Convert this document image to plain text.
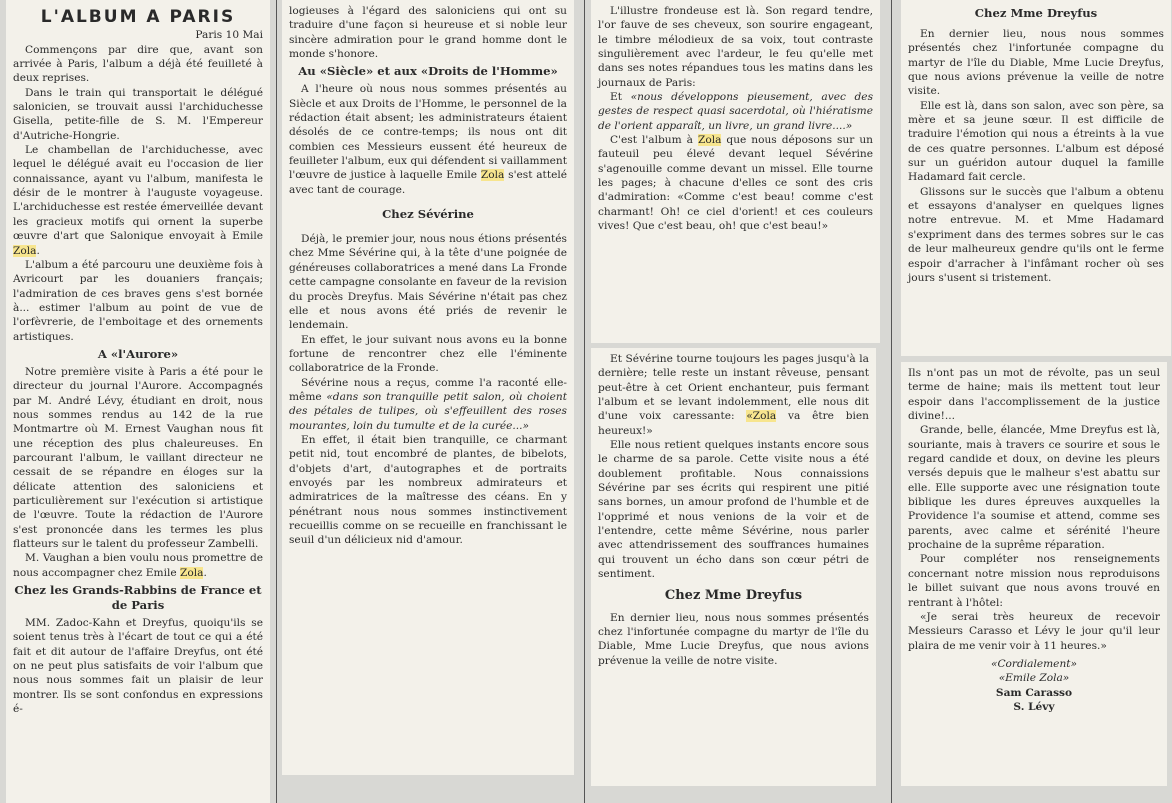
L'ALBUM A PARIS

Paris 10 Mai

Commençons par dire que, avant son arrivée à Paris, l'album a déjà été feuilleté à deux reprises.

Dans le train qui transportait le délégué salonicien, se trouvait aussi l'archiduchesse Gisella, petite-fille de S. M. l'Empereur d'Autriche-Hongrie.

Le chambellan de l'archiduchesse, avec lequel le délégué avait eu l'occasion de lier connaissance, ayant vu l'album, manifesta le désir de le montrer à l'auguste voyageuse. L'archiduchesse est restée émerveillée devant les gracieux motifs qui ornent la superbe œuvre d'art que Salonique envoyait à Emile Zola.

L'album a été parcouru une deuxième fois à Avricourt par les douaniers français; l'admiration de ces braves gens s'est bornée à... estimer l'album au point de vue de l'orfèvrerie, de l'emboitage et des ornements artistiques.

A «l'Aurore»

Notre première visite à Paris a été pour le directeur du journal l'Aurore. Accompagnés par M. André Lévy, étudiant en droit, nous nous sommes rendus au 142 de la rue Montmartre où M. Ernest Vaughan nous fit une réception des plus chaleureuses. En parcourant l'album, le vaillant directeur ne cessait de se répandre en éloges sur la délicate attention des saloniciens et particulièrement sur l'exécution si artistique de l'œuvre. Toute la rédaction de l'Aurore s'est prononcée dans les termes les plus flatteurs sur le talent du professeur Zambelli.

M. Vaughan a bien voulu nous promettre de nous accompagner chez Emile Zola.

Chez les Grands-Rabbins de France et de Paris

MM. Zadoc-Kahn et Dreyfus, quoiqu'ils se soient tenus très à l'écart de tout ce qui a été fait et dit autour de l'affaire Dreyfus, ont été on ne peut plus satisfaits de voir l'album que nous nous sommes fait un plaisir de leur montrer. Ils se sont confondus en expressions é-

logieuses à l'égard des saloniciens qui ont su traduire d'une façon si heureuse et si noble leur sincère admiration pour le grand homme dont le monde s'honore.

Au «Siècle» et aux «Droits de l'Homme»

A l'heure où nous nous sommes présentés au Siècle et aux Droits de l'Homme, le personnel de la rédaction était absent; les administrateurs étaient désolés de ce contre-temps; ils nous ont dit combien ces Messieurs eussent été heureux de feuilleter l'album, eux qui défendent si vaillamment l'œuvre de justice à laquelle Emile Zola s'est attelé avec tant de courage.

Chez Sévérine

Déjà, le premier jour, nous nous étions présentés chez Mme Sévérine qui, à la tête d'une poignée de généreuses collaboratrices a mené dans La Fronde cette campagne consolante en faveur de la revision du procès Dreyfus. Mais Sévérine n'était pas chez elle et nous avons été priés de revenir le lendemain.

En effet, le jour suivant nous avons eu la bonne fortune de rencontrer chez elle l'éminente collaboratrice de la Fronde.

Sévérine nous a reçus, comme l'a raconté elle-même «dans son tranquille petit salon, où choient des pétales de tulipes, où s'effeuillent des roses mourantes, loin du tumulte et de la curée...»

En effet, il était bien tranquille, ce charmant petit nid, tout encombré de plantes, de bibelots, d'objets d'art, d'autographes et de portraits envoyés par les nombreux admirateurs et admiratrices de la maîtresse des céans. En y pénétrant nous nous sommes instinctivement recueillis comme on se recueille en franchissant le seuil d'un délicieux nid d'amour.

L'illustre frondeuse est là. Son regard tendre, l'or fauve de ses cheveux, son sourire engageant, le timbre mélodieux de sa voix, tout contraste singulièrement avec l'ardeur, le feu qu'elle met dans ses notes répandues tous les matins dans les journaux de Paris:

Et «nous développons pieusement, avec des gestes de respect quasi sacerdotal, où l'hiératisme de l'orient apparaît, un livre, un grand livre....»

C'est l'album à Zola que nous déposons sur un fauteuil peu élevé devant lequel Sévérine s'agenouille comme devant un missel. Elle tourne les pages; à chacune d'elles ce sont des cris d'admiration: «Comme c'est beau! comme c'est charmant! Oh! ce ciel d'orient! et ces couleurs vives! Que c'est beau, oh! que c'est beau!»

Et Sévérine tourne toujours les pages jusqu'à la dernière; telle reste un instant rêveuse, pensant peut-être à cet Orient enchanteur, puis fermant l'album et se levant indolemment, elle nous dit d'une voix caressante: «Zola va être bien heureux!»

Elle nous retient quelques instants encore sous le charme de sa parole. Cette visite nous a été doublement profitable. Nous connaissions Sévérine par ses écrits qui respirent une pitié sans bornes, un amour profond de l'humble et de l'opprimé et nous venions de la voir et de l'entendre, cette même Sévérine, nous parler avec attendrissement des souffrances humaines qui trouvent un écho dans son cœur pétri de sentiment.

Chez Mme Dreyfus

En dernier lieu, nous nous sommes présentés chez l'infortunée compagne du martyr de l'île du Diable, Mme Lucie Dreyfus, que nous avions prévenue la veille de notre visite.

Chez Mme Dreyfus

En dernier lieu, nous nous sommes présentés chez l'infortunée compagne du martyr de l'île du Diable, Mme Lucie Dreyfus, que nous avions prévenue la veille de notre visite.

Elle est là, dans son salon, avec son père, sa mère et sa jeune sœur. Il est difficile de traduire l'émotion qui nous a étreints à la vue de ces quatre personnes. L'album est déposé sur un guéridon autour duquel la famille Hadamard fait cercle.

Glissons sur le succès que l'album a obtenu et essayons d'analyser en quelques lignes notre entrevue. M. et Mme Hadamard s'expriment dans des termes sobres sur le cas de leur malheureux gendre qu'ils ont le ferme espoir d'arracher à l'infâmant rocher où ses jours s'usent si tristement.

Ils n'ont pas un mot de révolte, pas un seul terme de haine; mais ils mettent tout leur espoir dans l'accomplissement de la justice divine!...

Grande, belle, élancée, Mme Dreyfus est là, souriante, mais à travers ce sourire et sous le regard candide et doux, on devine les pleurs versés depuis que le malheur s'est abattu sur elle. Elle supporte avec une résignation toute biblique les dures épreuves auxquelles la Providence l'a soumise et attend, comme ses parents, avec calme et sérénité l'heure prochaine de la suprême réparation.

Pour compléter nos renseignements concernant notre mission nous reproduisons le billet suivant que nous avons trouvé en rentrant à l'hôtel:

«Je serai très heureux de recevoir Messieurs Carasso et Lévy le jour qu'il leur plaira de me venir voir à 11 heures.»

«Cordialement»

«Emile Zola»

Sam Carasso

S. Lévy
